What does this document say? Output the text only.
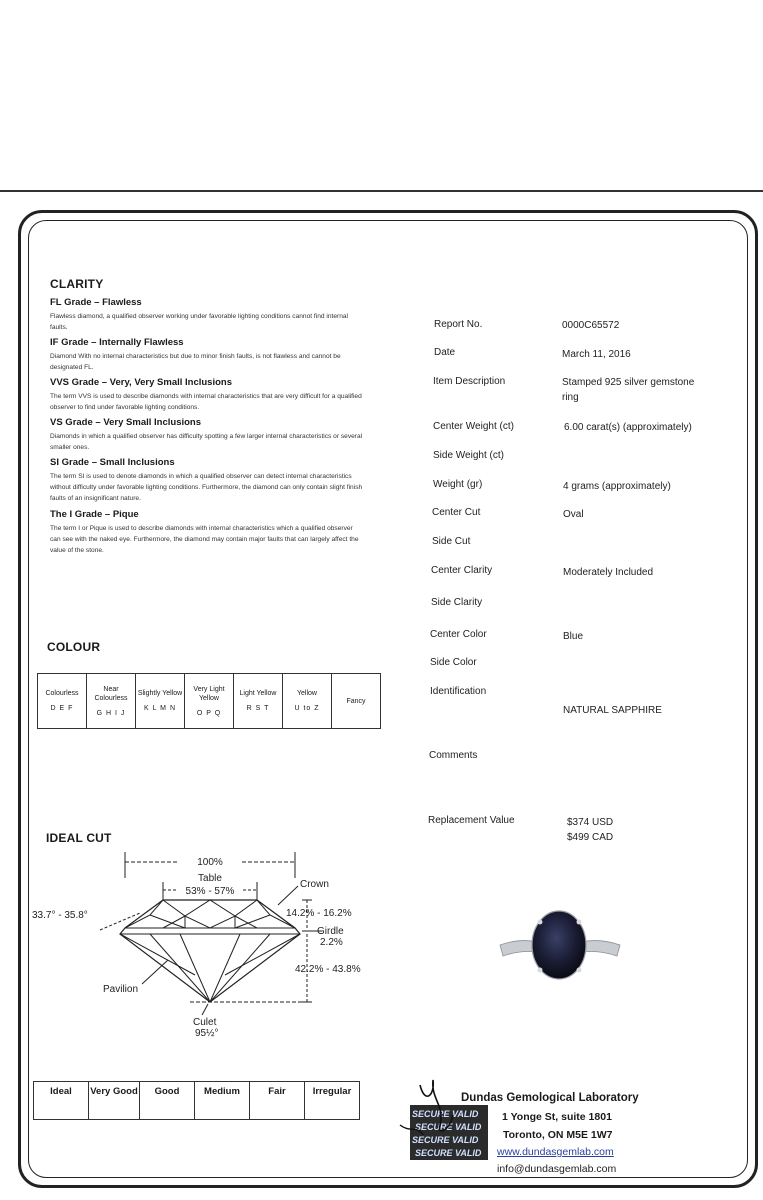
CLARITY
FL Grade – Flawless
Flawless diamond, a qualified observer working under favorable lighting conditions cannot find internal faults.
IF Grade – Internally Flawless
Diamond With no internal characteristics but due to minor finish faults, is not flawless and cannot be designated FL.
VVS Grade – Very, Very Small Inclusions
The term VVS is used to describe diamonds with internal characteristics that are very difficult for a qualified observer to find under favorable lighting conditions.
VS Grade – Very Small Inclusions
Diamonds in which a qualified observer has difficulty spotting a few larger internal characteristics or several smaller ones.
SI Grade – Small Inclusions
The term SI is used to denote diamonds in which a qualified observer can detect internal characteristics without difficulty under favorable lighting conditions. Furthermore, the diamond can only contain slight finish faults of an insignificant nature.
The I Grade – Pique
The term I or Pique is used to describe diamonds with internal characteristics which a qualified observer can see with the naked eye. Furthermore, the diamond may contain major faults that can largely affect the value of the stone.
COLOUR
Colourless
D E F
	Near Colourless
G H I J
	Slightly Yellow
K L M N
	Very Light Yellow
O P Q
	Light Yellow
R S T
	Yellow
U to Z
	Fancy
IDEAL CUT
100%
Table
53% - 57%
Crown
33.7° - 35.8°	14.2% - 16.2%
Girdle
2.2%
42.2% - 43.8%
Pavilion
Culet
95½°
Ideal	Very Good	Good	Medium	Fair	Irregular
Report No.	0000C65572
Date	March 11, 2016
Item Description	Stamped 925 silver gemstone ring
Center Weight (ct)	6.00 carat(s) (approximately)
Side Weight (ct)
Weight (gr)	4 grams (approximately)
Center Cut	Oval
Side Cut
Center Clarity	Moderately Included
Side Clarity
Center Color	Blue
Side Color
Identification
NATURAL SAPPHIRE
Comments
Replacement Value	$374 USD
$499 CAD
SECURE VALID
SECURE VALID
SECURE VALID
SECURE VALID
Dundas Gemological Laboratory
1 Yonge St, suite 1801
Toronto, ON M5E 1W7
www.dundasgemlab.com
info@dundasgemlab.com
